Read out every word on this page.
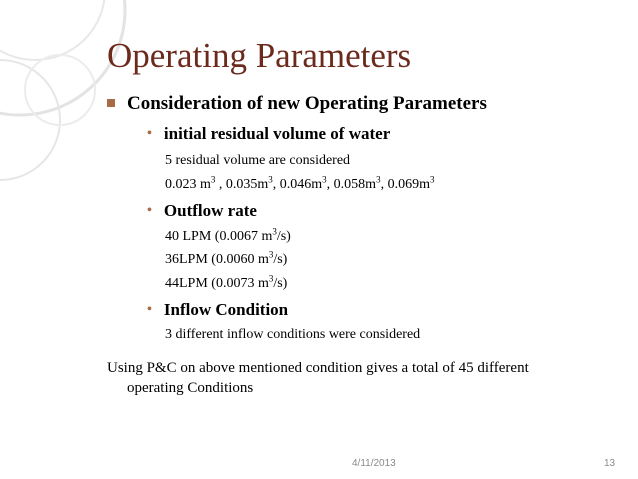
Operating Parameters
Consideration of new Operating Parameters
• initial residual volume of water
5 residual volume are considered
0.023 $m^3$ , $0.035m^3$, $0.046m^3$, $0.058m^3$, $0.069m^3$
• Outflow rate
40 LPM (0.0067 $m^3/s$)
36LPM (0.0060 $m^3/s$)
44LPM (0.0073 $m^3/s$)
• Inflow Condition
3 different inflow conditions were considered
Using P&C on above mentioned condition gives a total of 45 different
operating Conditions
4/11/2013	13
